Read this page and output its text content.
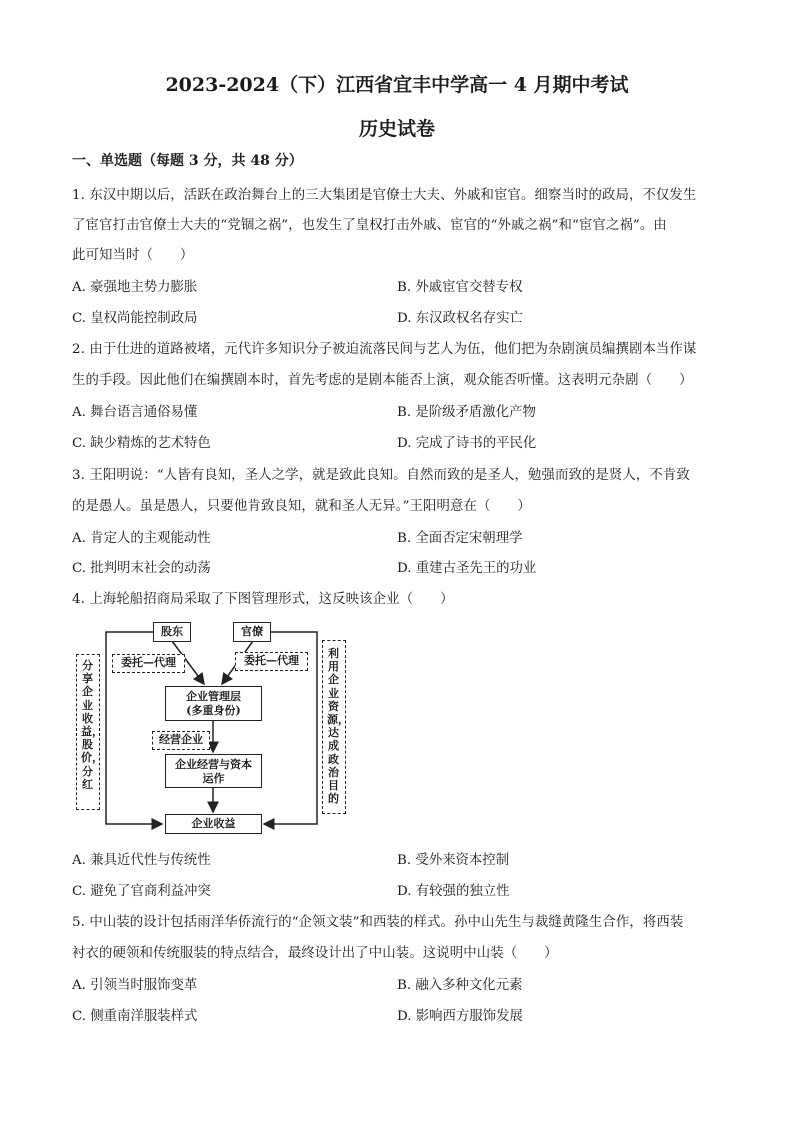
2023-2024（下）江西省宜丰中学高一 4 月期中考试
历史试卷
一、单选题（每题 3 分，共 48 分）
1. 东汉中期以后，活跃在政治舞台上的三大集团是官僚士大夫、外戚和宦官。细察当时的政局，不仅发生
了宦官打击官僚士大夫的“党锢之祸”，也发生了皇权打击外戚、宦官的“外戚之祸”和“宦官之祸”。由
此可知当时（　　）
A. 豪强地主势力膨胀	B. 外戚宦官交替专权
C. 皇权尚能控制政局	D. 东汉政权名存实亡
2. 由于仕进的道路被堵，元代许多知识分子被迫流落民间与艺人为伍，他们把为杂剧演员编撰剧本当作谋
生的手段。因此他们在编撰剧本时，首先考虑的是剧本能否上演，观众能否听懂。这表明元杂剧（　　）
A. 舞台语言通俗易懂	B. 是阶级矛盾激化产物
C. 缺少精炼的艺术特色	D. 完成了诗书的平民化
3. 王阳明说：“人皆有良知，圣人之学，就是致此良知。自然而致的是圣人，勉强而致的是贤人，不肯致
的是愚人。虽是愚人，只要他肯致良知，就和圣人无异。”王阳明意在（　　）
A. 肯定人的主观能动性	B. 全面否定宋朝理学
C. 批判明末社会的动荡	D. 重建古圣先王的功业
4. 上海轮船招商局采取了下图管理形式，这反映该企业（　　）
股东	官僚
委托—代理	委托—代理
企业管理层
(多重身份)
经营企业
企业经营与资本
运作
企业收益
分享企业收益，股价，分红
利用企业资源，达成政治目的
A. 兼具近代性与传统性	B. 受外来资本控制
C. 避免了官商利益冲突	D. 有较强的独立性
5. 中山装的设计包括雨洋华侨流行的“企领文装”和西装的样式。孙中山先生与裁缝黄隆生合作，将西装
衬衣的硬领和传统服装的特点结合，最终设计出了中山装。这说明中山装（　　）
A. 引领当时服饰变革	B. 融入多种文化元素
C. 侧重南洋服装样式	D. 影响西方服饰发展
